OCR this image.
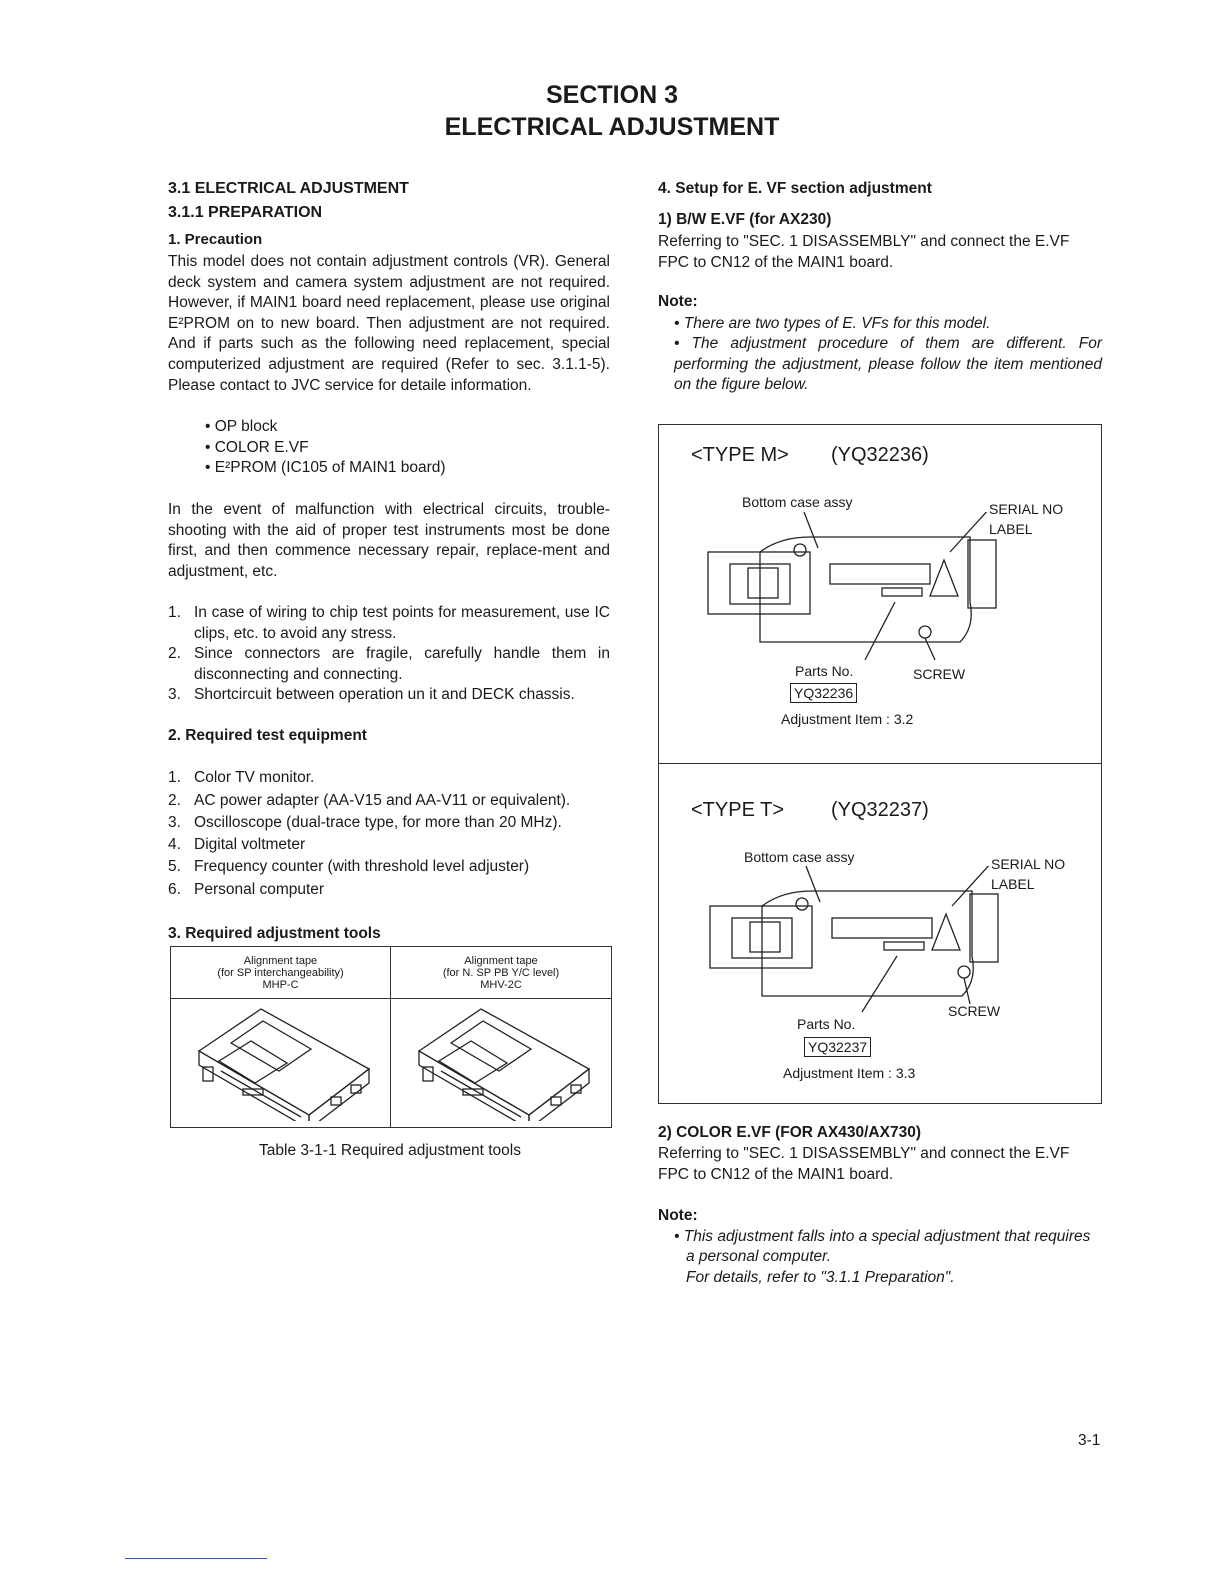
SECTION 3
ELECTRICAL ADJUSTMENT
3.1 ELECTRICAL ADJUSTMENT
3.1.1 PREPARATION
1. Precaution
This model does not contain adjustment controls (VR). General deck system and camera system adjustment are not required. However, if MAIN1 board need replacement, please use original E²PROM on to new board. Then adjustment are not required. And if parts such as the following need replacement, special computerized adjustment are required (Refer to sec. 3.1.1-5). Please contact to JVC service for detaile information.
• OP block
• COLOR E.VF
• E²PROM (IC105 of MAIN1 board)
In the event of malfunction with electrical circuits, trouble-shooting with the aid of proper test instruments most be done first, and then commence necessary repair, replace-ment and adjustment, etc.
1. In case of wiring to chip test points for measurement, use IC clips, etc. to avoid any stress.
2. Since connectors are fragile, carefully handle them in disconnecting and connecting.
3. Shortcircuit between operation un it and DECK chassis.
2. Required test equipment
1. Color TV monitor.
2. AC power adapter (AA-V15 and AA-V11 or equivalent).
3. Oscilloscope (dual-trace type, for more than 20 MHz).
4. Digital voltmeter
5. Frequency counter (with threshold level adjuster)
6. Personal computer
3. Required adjustment tools
Alignment tape
(for SP interchangeability)
MHP-C
Alignment tape
(for N. SP PB Y/C level)
MHV-2C
Table 3-1-1 Required adjustment tools
4. Setup for E. VF section adjustment
1) B/W E.VF (for AX230)
Referring to "SEC. 1 DISASSEMBLY" and connect the E.VF FPC to CN12 of the MAIN1 board.
Note:
• There are two types of E. VFs for this model.
• The adjustment procedure of them are different. For performing the adjustment, please follow the item mentioned on the figure below.
<TYPE M> (YQ32236)
Bottom case assy	SERIAL NO
LABEL
Parts No.	SCREW
YQ32236
Adjustment Item : 3.2
<TYPE T> (YQ32237)
Bottom case assy	SERIAL NO
LABEL
SCREW
Parts No.
YQ32237
Adjustment Item : 3.3
2) COLOR E.VF (FOR AX430/AX730)
Referring to "SEC. 1 DISASSEMBLY" and connect the E.VF FPC to CN12 of the MAIN1 board.
Note:
• This adjustment falls into a special adjustment that requires
a personal computer.
For details, refer to "3.1.1 Preparation".
3-1
